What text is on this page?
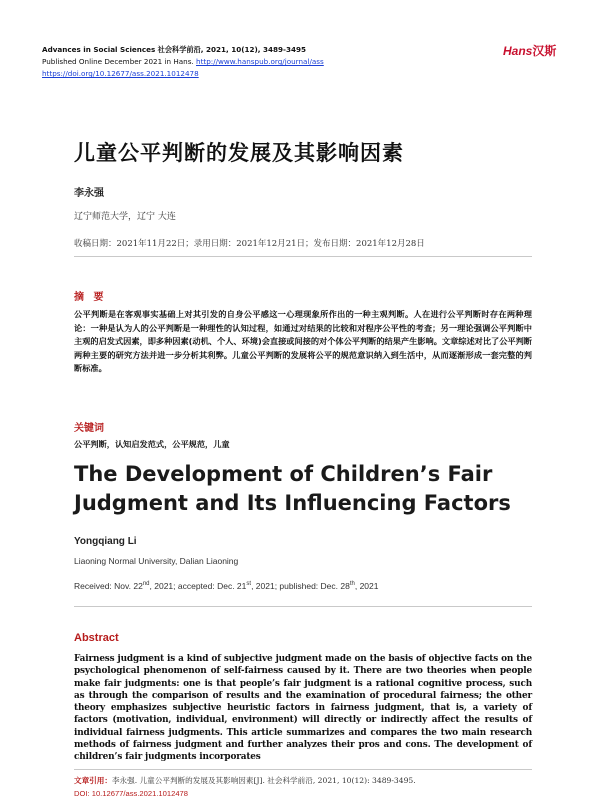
Advances in Social Sciences 社会科学前沿, 2021, 10(12), 3489-3495
Published Online December 2021 in Hans. http://www.hanspub.org/journal/ass
https://doi.org/10.12677/ass.2021.1012478
Hans汉斯
儿童公平判断的发展及其影响因素
李永强
辽宁师范大学，辽宁 大连
收稿日期：2021年11月22日；录用日期：2021年12月21日；发布日期：2021年12月28日
摘 要
公平判断是在客观事实基础上对其引发的自身公平感这一心理现象所作出的一种主观判断。人在进行公平判断时存在两种理论：一种是认为人的公平判断是一种理性的认知过程，如通过对结果的比较和对程序公平性的考查；另一理论强调公平判断中主观的启发式因素，即多种因素(动机、个人、环境)会直接或间接的对个体公平判断的结果产生影响。文章综述对比了公平判断两种主要的研究方法并进一步分析其利弊。儿童公平判断的发展将公平的规范意识纳入到生活中，从而逐渐形成一套完整的判断标准。
关键词
公平判断，认知启发范式，公平规范，儿童
The Development of Children’s Fair
Judgment and Its Influencing Factors
Yongqiang Li
Liaoning Normal University, Dalian Liaoning
Received: Nov. 22nd, 2021; accepted: Dec. 21st, 2021; published: Dec. 28th, 2021
Abstract
Fairness judgment is a kind of subjective judgment made on the basis of objective facts on the psychological phenomenon of self-fairness caused by it. There are two theories when people make fair judgments: one is that people’s fair judgment is a rational cognitive process, such as through the comparison of results and the examination of procedural fairness; the other theory emphasizes subjective heuristic factors in fairness judgment, that is, a variety of factors (motivation, individual, environment) will directly or indirectly affect the results of individual fairness judgments. This article summarizes and compares the two main research methods of fairness judgment and further analyzes their pros and cons. The development of children’s fair judgments incorporates
文章引用：李永强. 儿童公平判断的发展及其影响因素[J]. 社会科学前沿, 2021, 10(12): 3489-3495.
DOI: 10.12677/ass.2021.1012478
